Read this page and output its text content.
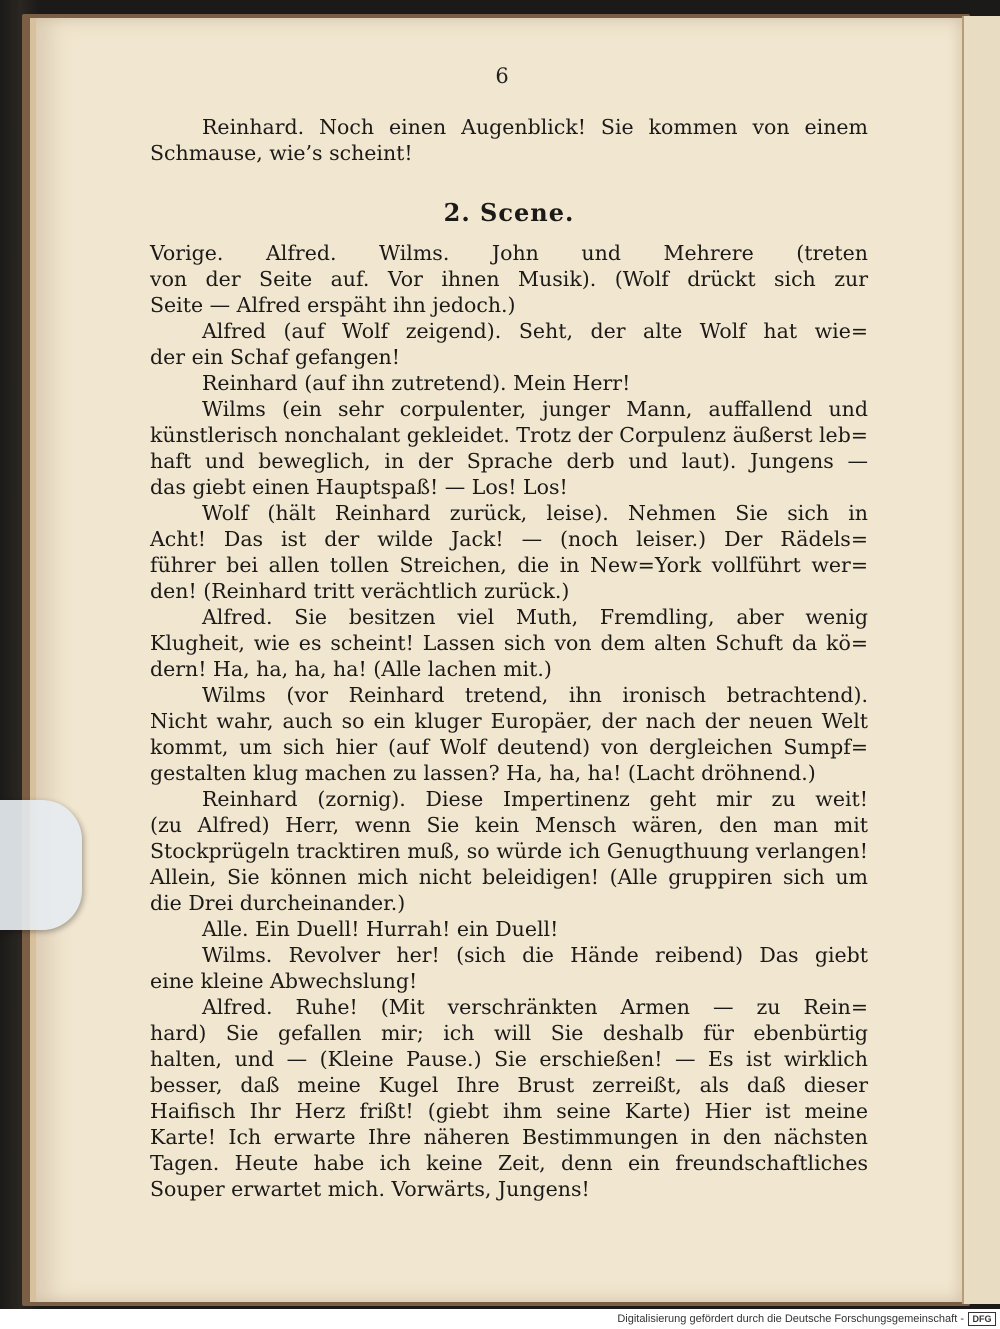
6
Reinhard. Noch einen Augenblick! Sie kommen von einem
Schmause, wie’s scheint!
2. Scene.
Vorige. Alfred. Wilms. John und Mehrere (treten
von der Seite auf. Vor ihnen Musik). (Wolf drückt sich zur
Seite — Alfred erspäht ihn jedoch.)
Alfred (auf Wolf zeigend). Seht, der alte Wolf hat wie=
der ein Schaf gefangen!
Reinhard (auf ihn zutretend). Mein Herr!
Wilms (ein sehr corpulenter, junger Mann, auffallend und
künstlerisch nonchalant gekleidet. Trotz der Corpulenz äußerst leb=
haft und beweglich, in der Sprache derb und laut). Jungens —
das giebt einen Hauptspaß! — Los! Los!
Wolf (hält Reinhard zurück, leise). Nehmen Sie sich in
Acht! Das ist der wilde Jack! — (noch leiser.) Der Rädels=
führer bei allen tollen Streichen, die in New=York vollführt wer=
den! (Reinhard tritt verächtlich zurück.)
Alfred. Sie besitzen viel Muth, Fremdling, aber wenig
Klugheit, wie es scheint! Lassen sich von dem alten Schuft da kö=
dern! Ha, ha, ha, ha! (Alle lachen mit.)
Wilms (vor Reinhard tretend, ihn ironisch betrachtend).
Nicht wahr, auch so ein kluger Europäer, der nach der neuen Welt
kommt, um sich hier (auf Wolf deutend) von dergleichen Sumpf=
gestalten klug machen zu lassen? Ha, ha, ha! (Lacht dröhnend.)
Reinhard (zornig). Diese Impertinenz geht mir zu weit!
(zu Alfred) Herr, wenn Sie kein Mensch wären, den man mit
Stockprügeln tracktiren muß, so würde ich Genugthuung verlangen!
Allein, Sie können mich nicht beleidigen! (Alle gruppiren sich um
die Drei durcheinander.)
Alle. Ein Duell! Hurrah! ein Duell!
Wilms. Revolver her! (sich die Hände reibend) Das giebt
eine kleine Abwechslung!
Alfred. Ruhe! (Mit verschränkten Armen — zu Rein=
hard) Sie gefallen mir; ich will Sie deshalb für ebenbürtig
halten, und — (Kleine Pause.) Sie erschießen! — Es ist wirklich
besser, daß meine Kugel Ihre Brust zerreißt, als daß dieser
Haifisch Ihr Herz frißt! (giebt ihm seine Karte) Hier ist meine
Karte! Ich erwarte Ihre näheren Bestimmungen in den nächsten
Tagen. Heute habe ich keine Zeit, denn ein freundschaftliches
Souper erwartet mich. Vorwärts, Jungens!
Digitalisierung gefördert durch die Deutsche Forschungsgemeinschaft - DFG
